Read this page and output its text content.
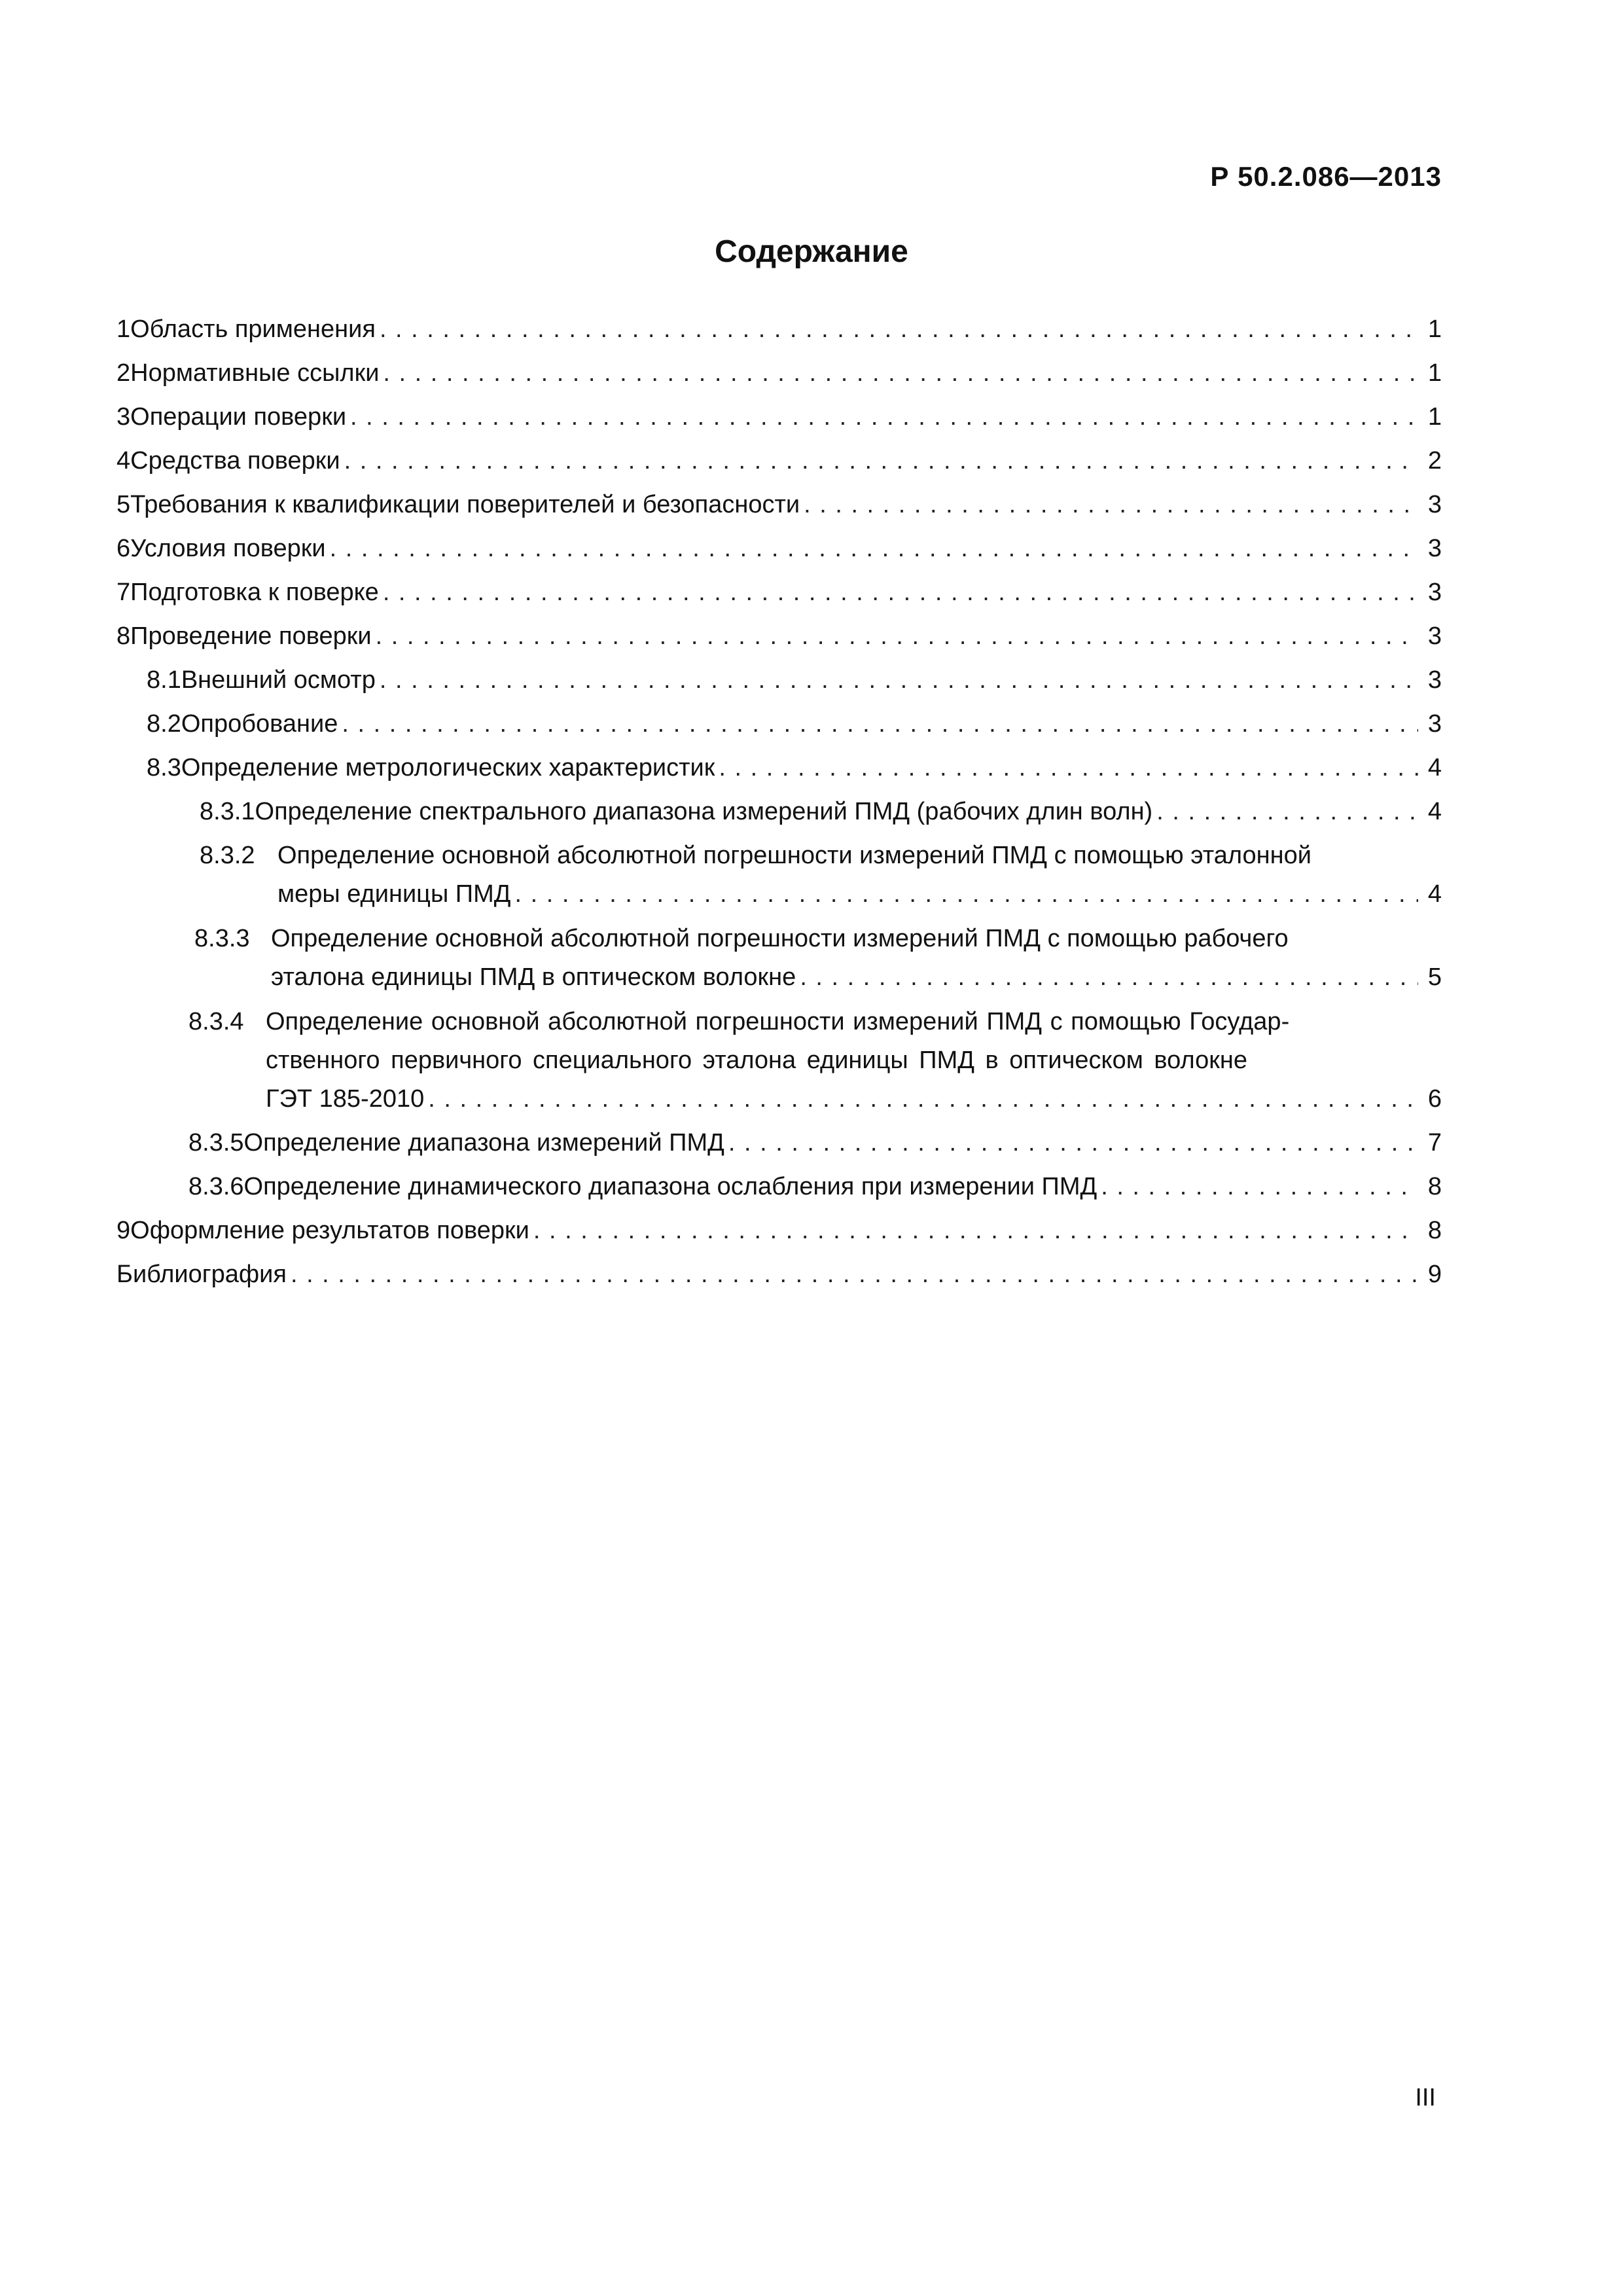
Р 50.2.086—2013
Содержание
1 Область применения . . .	1
2 Нормативные ссылки . . .	1
3 Операции поверки . . .	1
4 Средства поверки . . .	2
5 Требования к квалификации поверителей и безопасности . . .	3
6 Условия поверки . . .	3
7 Подготовка к поверке . . .	3
8 Проведение поверки . . .	3
8.1 Внешний осмотр . . .	3
8.2 Опробование . . .	3
8.3 Определение метрологических характеристик . . .	4
8.3.1 Определение спектрального диапазона измерений ПМД (рабочих длин волн) . . .	4
8.3.2 Определение основной абсолютной погрешности измерений ПМД с помощью эталонной
меры единицы ПМД . . .	4
8.3.3 Определение основной абсолютной погрешности измерений ПМД с помощью рабочего
эталона единицы ПМД в оптическом волокне . . .	5
8.3.4 Определение основной абсолютной погрешности измерений ПМД с помощью Государ-
ственного первичного специального эталона единицы ПМД в оптическом волокне
ГЭТ 185-2010 . . .	6
8.3.5 Определение диапазона измерений ПМД . . .	7
8.3.6 Определение динамического диапазона ослабления при измерении ПМД . . .	8
9 Оформление результатов поверки . . .	8
Библиография . . .	9
III
